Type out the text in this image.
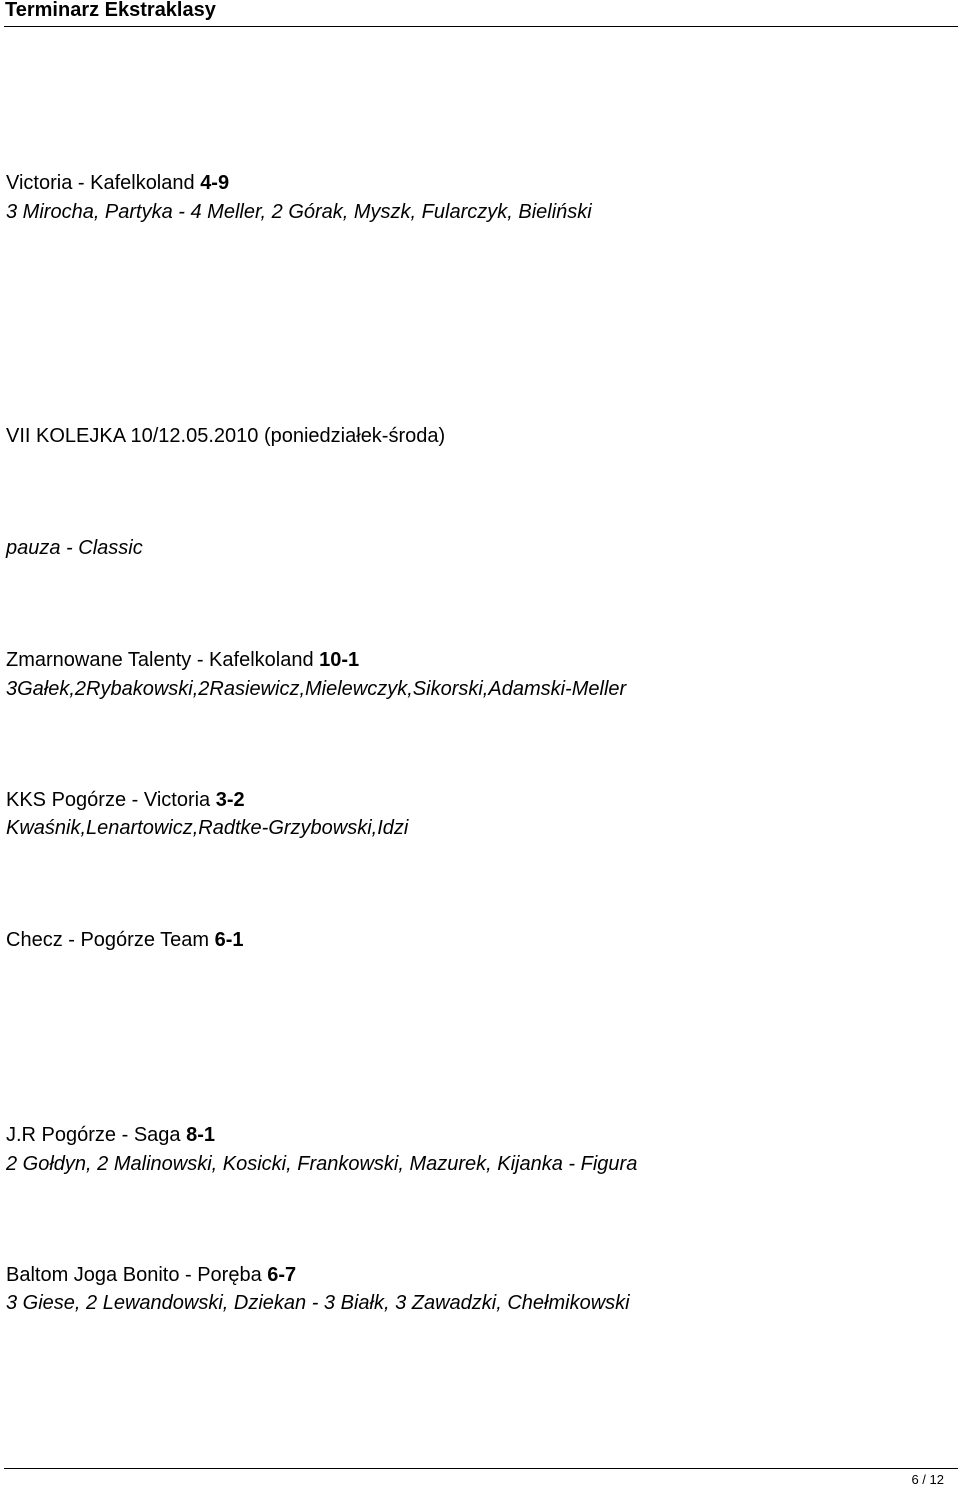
Terminarz Ekstraklasy
Victoria - Kafelkoland 4-9
3 Mirocha, Partyka - 4 Meller, 2 Górak, Myszk, Fularczyk, Bieliński
VII KOLEJKA 10/12.05.2010 (poniedziałek-środa)
pauza - Classic
Zmarnowane Talenty - Kafelkoland 10-1
3Gałek,2Rybakowski,2Rasiewicz,Mielewczyk,Sikorski,Adamski-Meller
KKS Pogórze - Victoria 3-2
Kwaśnik,Lenartowicz,Radtke-Grzybowski,Idzi
Checz - Pogórze Team 6-1
J.R Pogórze - Saga 8-1
2 Gołdyn, 2 Malinowski, Kosicki, Frankowski, Mazurek, Kijanka - Figura
Baltom Joga Bonito - Poręba 6-7
3 Giese, 2 Lewandowski, Dziekan - 3 Białk, 3 Zawadzki, Chełmikowski
6 / 12
